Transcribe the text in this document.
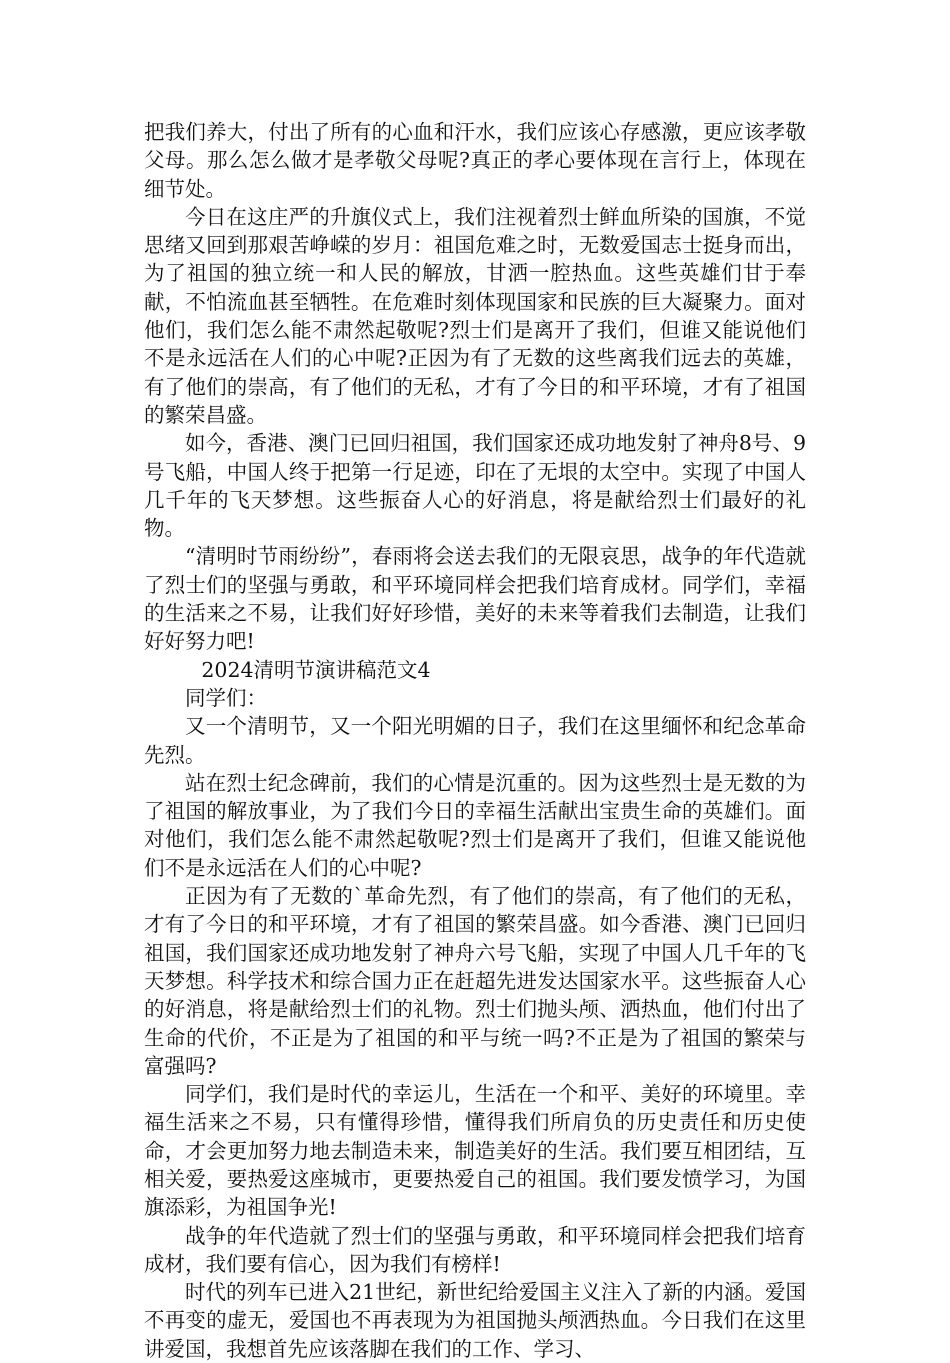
把我们养大，付出了所有的心血和汗水，我们应该心存感激，更应该孝敬父母。那么怎么做才是孝敬父母呢?真正的孝心要体现在言行上，体现在细节处。

今日在这庄严的升旗仪式上，我们注视着烈士鲜血所染的国旗，不觉思绪又回到那艰苦峥嵘的岁月：祖国危难之时，无数爱国志士挺身而出，为了祖国的独立统一和人民的解放，甘洒一腔热血。这些英雄们甘于奉献，不怕流血甚至牺牲。在危难时刻体现国家和民族的巨大凝聚力。面对他们，我们怎么能不肃然起敬呢?烈士们是离开了我们，但谁又能说他们不是永远活在人们的心中呢?正因为有了无数的这些离我们远去的英雄，有了他们的崇高，有了他们的无私，才有了今日的和平环境，才有了祖国的繁荣昌盛。

如今，香港、澳门已回归祖国，我们国家还成功地发射了神舟8号、9号飞船，中国人终于把第一行足迹，印在了无垠的太空中。实现了中国人几千年的飞天梦想。这些振奋人心的好消息，将是献给烈士们最好的礼物。

“清明时节雨纷纷”，春雨将会送去我们的无限哀思，战争的年代造就了烈士们的坚强与勇敢，和平环境同样会把我们培育成材。同学们，幸福的生活来之不易，让我们好好珍惜，美好的未来等着我们去制造，让我们好好努力吧!

2024清明节演讲稿范文4

同学们：

又一个清明节，又一个阳光明媚的日子，我们在这里缅怀和纪念革命先烈。

站在烈士纪念碑前，我们的心情是沉重的。因为这些烈士是无数的为了祖国的解放事业，为了我们今日的幸福生活献出宝贵生命的英雄们。面对他们，我们怎么能不肃然起敬呢?烈士们是离开了我们，但谁又能说他们不是永远活在人们的心中呢?

正因为有了无数的`革命先烈，有了他们的崇高，有了他们的无私，才有了今日的和平环境，才有了祖国的繁荣昌盛。如今香港、澳门已回归祖国，我们国家还成功地发射了神舟六号飞船，实现了中国人几千年的飞天梦想。科学技术和综合国力正在赶超先进发达国家水平。这些振奋人心的好消息，将是献给烈士们的礼物。烈士们抛头颅、洒热血，他们付出了生命的代价，不正是为了祖国的和平与统一吗?不正是为了祖国的繁荣与富强吗?

同学们，我们是时代的幸运儿，生活在一个和平、美好的环境里。幸福生活来之不易，只有懂得珍惜，懂得我们所肩负的历史责任和历史使命，才会更加努力地去制造未来，制造美好的生活。我们要互相团结，互相关爱，要热爱这座城市，更要热爱自己的祖国。我们要发愤学习，为国旗添彩，为祖国争光!

战争的年代造就了烈士们的坚强与勇敢，和平环境同样会把我们培育成材，我们要有信心，因为我们有榜样!

时代的列车已进入21世纪，新世纪给爱国主义注入了新的内涵。爱国不再变的虚无，爱国也不再表现为为祖国抛头颅洒热血。今日我们在这里讲爱国，我想首先应该落脚在我们的工作、学习、
